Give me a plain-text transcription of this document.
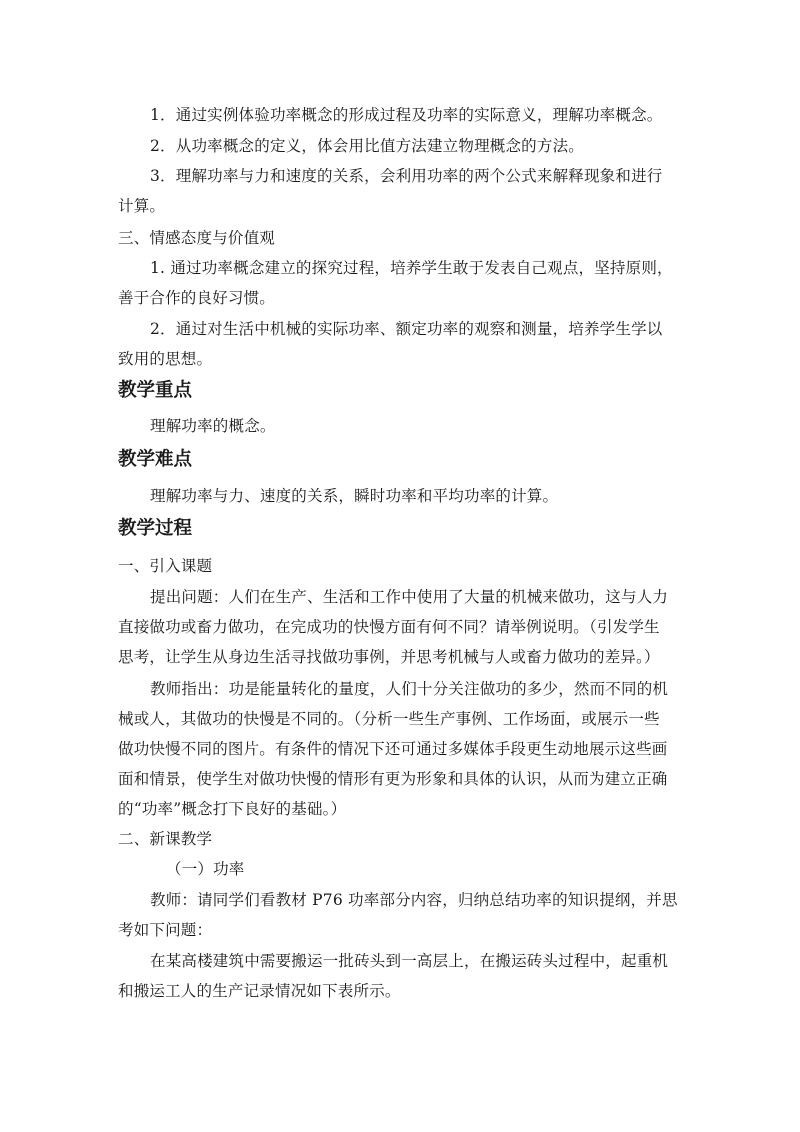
1．通过实例体验功率概念的形成过程及功率的实际意义，理解功率概念。
2．从功率概念的定义，体会用比值方法建立物理概念的方法。
3．理解功率与力和速度的关系，会利用功率的两个公式来解释现象和进行
计算。
三、情感态度与价值观
1. 通过功率概念建立的探究过程，培养学生敢于发表自己观点，坚持原则，
善于合作的良好习惯。
2．通过对生活中机械的实际功率、额定功率的观察和测量，培养学生学以
致用的思想。
教学重点
理解功率的概念。
教学难点
理解功率与力、速度的关系，瞬时功率和平均功率的计算。
教学过程
一、引入课题
提出问题：人们在生产、生活和工作中使用了大量的机械来做功，这与人力
直接做功或畜力做功，在完成功的快慢方面有何不同？请举例说明。（引发学生
思考，让学生从身边生活寻找做功事例，并思考机械与人或畜力做功的差异。）
教师指出：功是能量转化的量度，人们十分关注做功的多少，然而不同的机
械或人，其做功的快慢是不同的。（分析一些生产事例、工作场面，或展示一些
做功快慢不同的图片。有条件的情况下还可通过多媒体手段更生动地展示这些画
面和情景，使学生对做功快慢的情形有更为形象和具体的认识，从而为建立正确
的“功率”概念打下良好的基础。）
二、新课教学
（一）功率
教师：请同学们看教材 P76 功率部分内容，归纳总结功率的知识提纲，并思
考如下问题：
在某高楼建筑中需要搬运一批砖头到一高层上，在搬运砖头过程中，起重机
和搬运工人的生产记录情况如下表所示。
